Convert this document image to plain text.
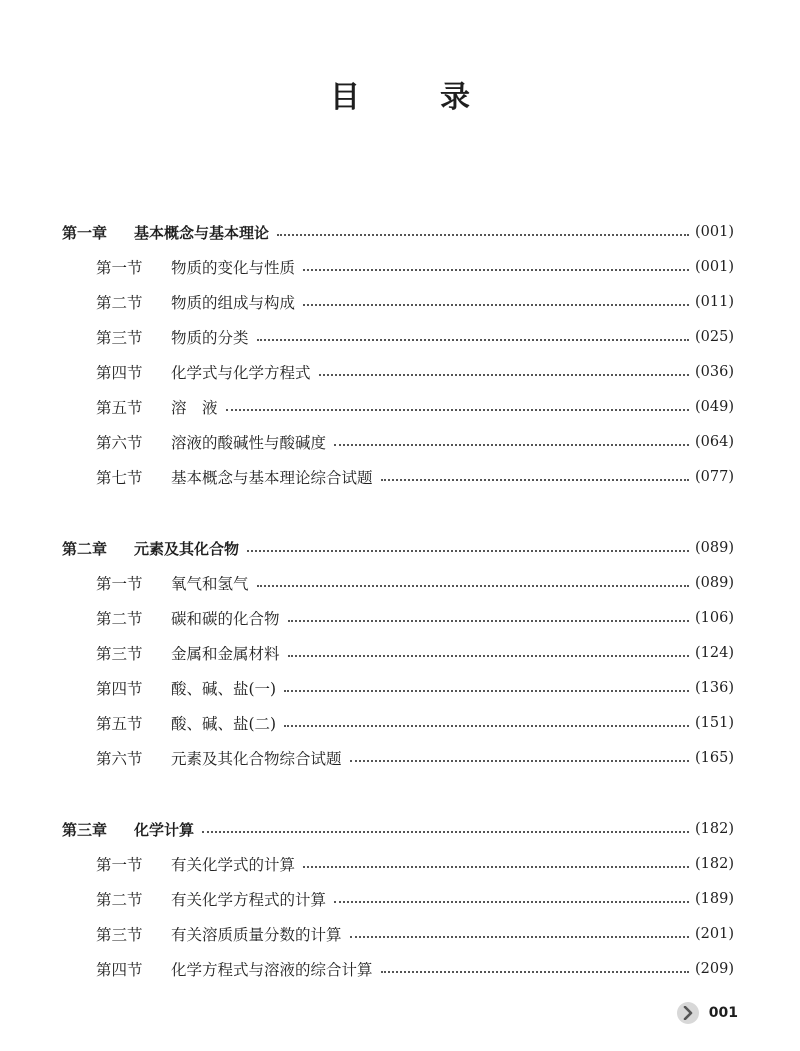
目	录
第一章	基本概念与基本理论	(001)
第一节	物质的变化与性质	(001)
第二节	物质的组成与构成	(011)
第三节	物质的分类	(025)
第四节	化学式与化学方程式	(036)
第五节	溶　液	(049)
第六节	溶液的酸碱性与酸碱度	(064)
第七节	基本概念与基本理论综合试题	(077)
第二章	元素及其化合物	(089)
第一节	氧气和氢气	(089)
第二节	碳和碳的化合物	(106)
第三节	金属和金属材料	(124)
第四节	酸、碱、盐(一)	(136)
第五节	酸、碱、盐(二)	(151)
第六节	元素及其化合物综合试题	(165)
第三章	化学计算	(182)
第一节	有关化学式的计算	(182)
第二节	有关化学方程式的计算	(189)
第三节	有关溶质质量分数的计算	(201)
第四节	化学方程式与溶液的综合计算	(209)
001
